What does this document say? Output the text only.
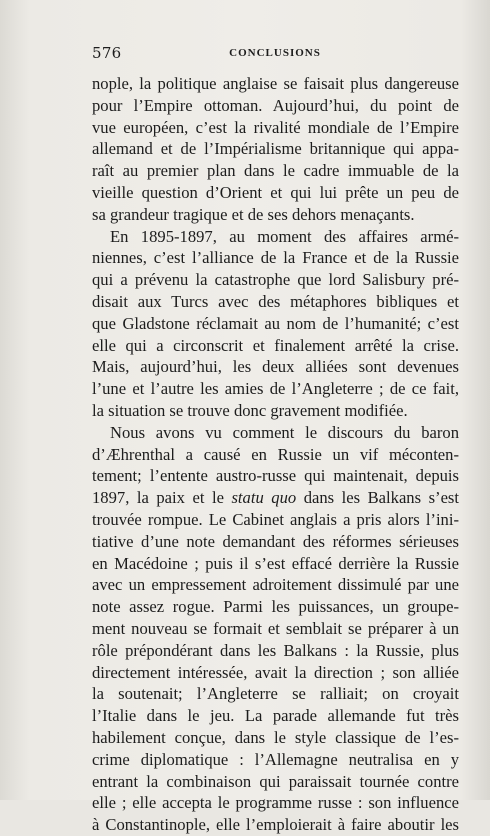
576	CONCLUSIONS
nople, la politique anglaise se faisait plus dangereuse
pour l’Empire ottoman. Aujourd’hui, du point de
vue européen, c’est la rivalité mondiale de l’Empire
allemand et de l’Impérialisme britannique qui appa-
raît au premier plan dans le cadre immuable de la
vieille question d’Orient et qui lui prête un peu de
sa grandeur tragique et de ses dehors menaçants.
En 1895-1897, au moment des affaires armé-
niennes, c’est l’alliance de la France et de la Russie
qui a prévenu la catastrophe que lord Salisbury pré-
disait aux Turcs avec des métaphores bibliques et
que Gladstone réclamait au nom de l’humanité; c’est
elle qui a circonscrit et finalement arrêté la crise.
Mais, aujourd’hui, les deux alliées sont devenues
l’une et l’autre les amies de l’Angleterre ; de ce fait,
la situation se trouve donc gravement modifiée.
Nous avons vu comment le discours du baron
d’Æhrenthal a causé en Russie un vif méconten-
tement; l’entente austro-russe qui maintenait, depuis
1897, la paix et le statu quo dans les Balkans s’est
trouvée rompue. Le Cabinet anglais a pris alors l’ini-
tiative d’une note demandant des réformes sérieuses
en Macédoine ; puis il s’est effacé derrière la Russie
avec un empressement adroitement dissimulé par une
note assez rogue. Parmi les puissances, un groupe-
ment nouveau se formait et semblait se préparer à un
rôle prépondérant dans les Balkans : la Russie, plus
directement intéressée, avait la direction ; son alliée
la soutenait; l’Angleterre se ralliait; on croyait
l’Italie dans le jeu. La parade allemande fut très
habilement conçue, dans le style classique de l’es-
crime diplomatique : l’Allemagne neutralisa en y
entrant la combinaison qui paraissait tournée contre
elle ; elle accepta le programme russe : son influence
à Constantinople, elle l’emploierait à faire aboutir les
